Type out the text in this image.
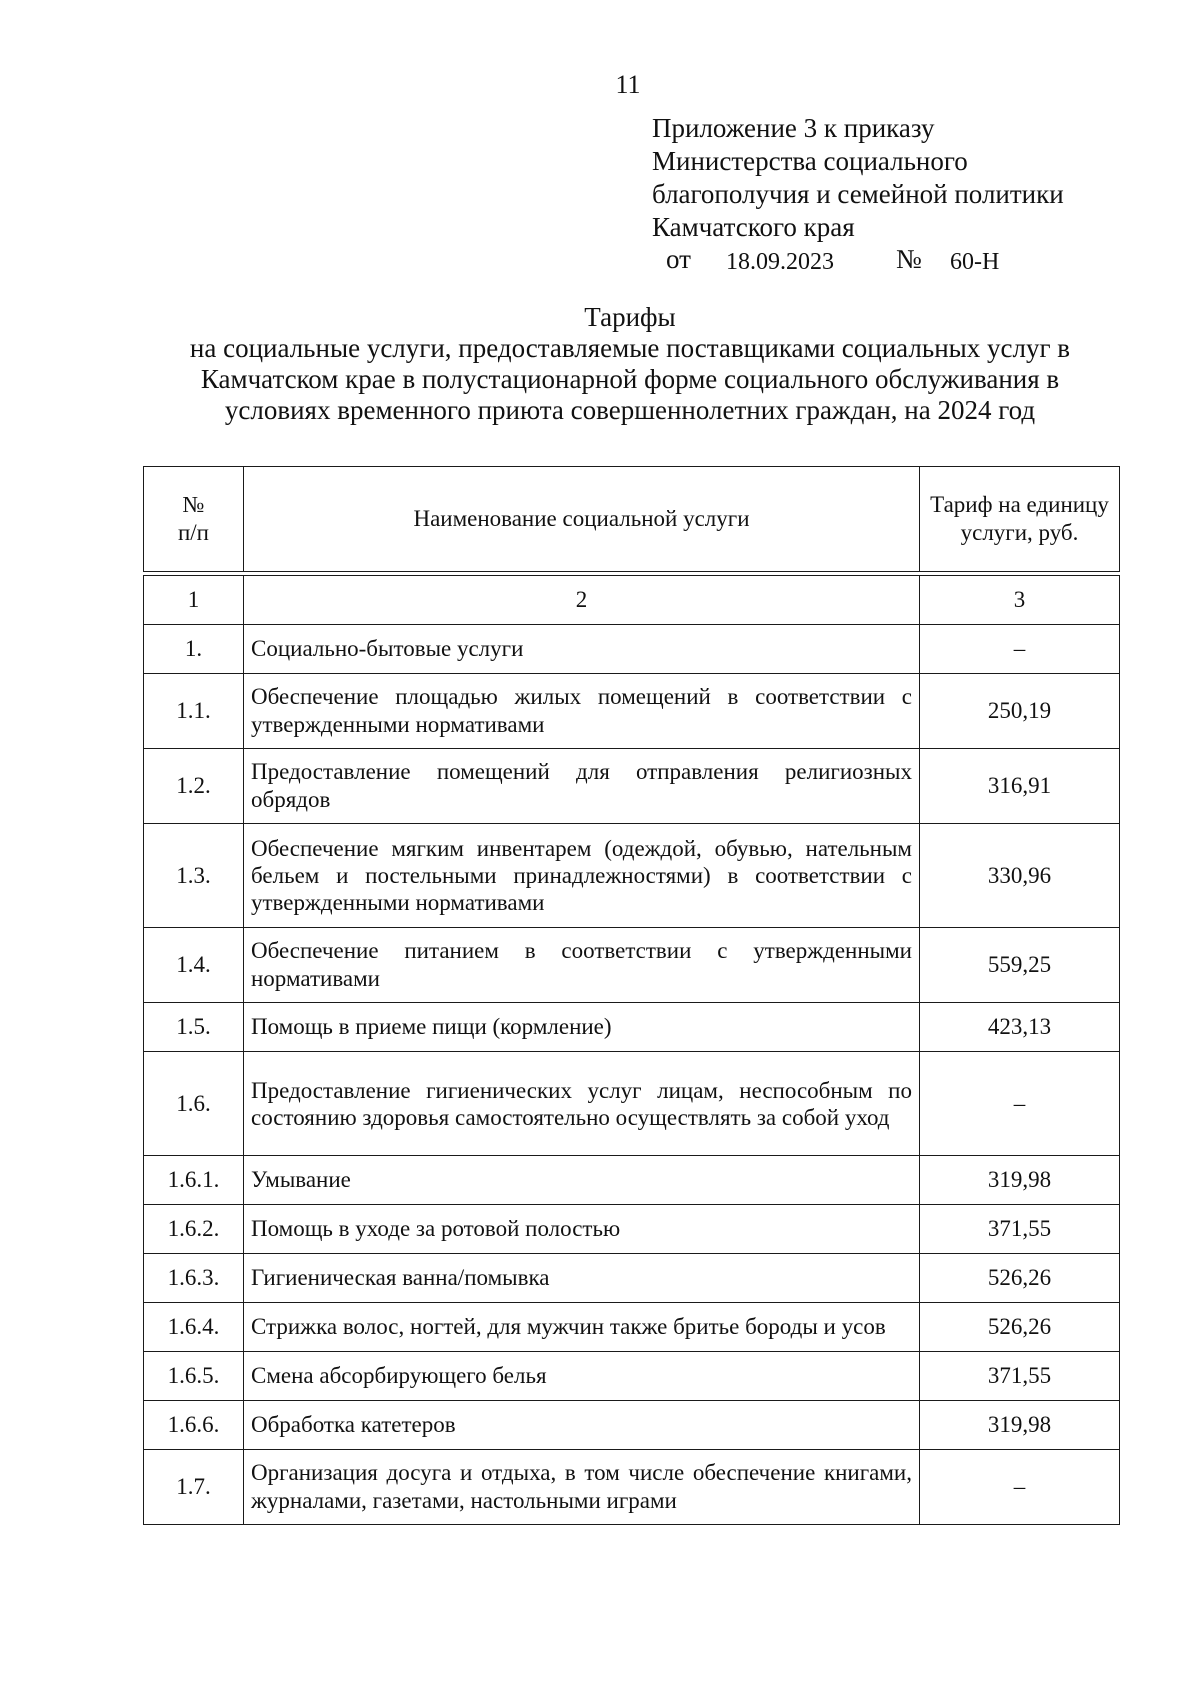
11
Приложение 3 к приказу
Министерства социального
благополучия и семейной политики
Камчатского края
от 18.09.2023 № 60-Н
Тарифы
на социальные услуги, предоставляемые поставщиками социальных услуг в
Камчатском крае в полустационарной форме социального обслуживания в
условиях временного приюта совершеннолетних граждан, на 2024 год
№ п/п	Наименование социальной услуги	Тариф на единицу услуги, руб.

1	2	3
1.	Социально-бытовые услуги	–
1.1.	Обеспечение площадью жилых помещений в соответствии с утвержденными нормативами	250,19
1.2.	Предоставление помещений для отправления религиозных обрядов	316,91
1.3.	Обеспечение мягким инвентарем (одеждой, обувью, нательным бельем и постельными принадлежностями) в соответствии с утвержденными нормативами	330,96
1.4.	Обеспечение питанием в соответствии с утвержденными нормативами	559,25
1.5.	Помощь в приеме пищи (кормление)	423,13
1.6.	Предоставление гигиенических услуг лицам, неспособным по состоянию здоровья самостоятельно осуществлять за собой уход	–
1.6.1.	Умывание	319,98
1.6.2.	Помощь в уходе за ротовой полостью	371,55
1.6.3.	Гигиеническая ванна/помывка	526,26
1.6.4.	Стрижка волос, ногтей, для мужчин также бритье бороды и усов	526,26
1.6.5.	Смена абсорбирующего белья	371,55
1.6.6.	Обработка катетеров	319,98
1.7.	Организация досуга и отдыха, в том числе обеспечение книгами, журналами, газетами, настольными играми	–
